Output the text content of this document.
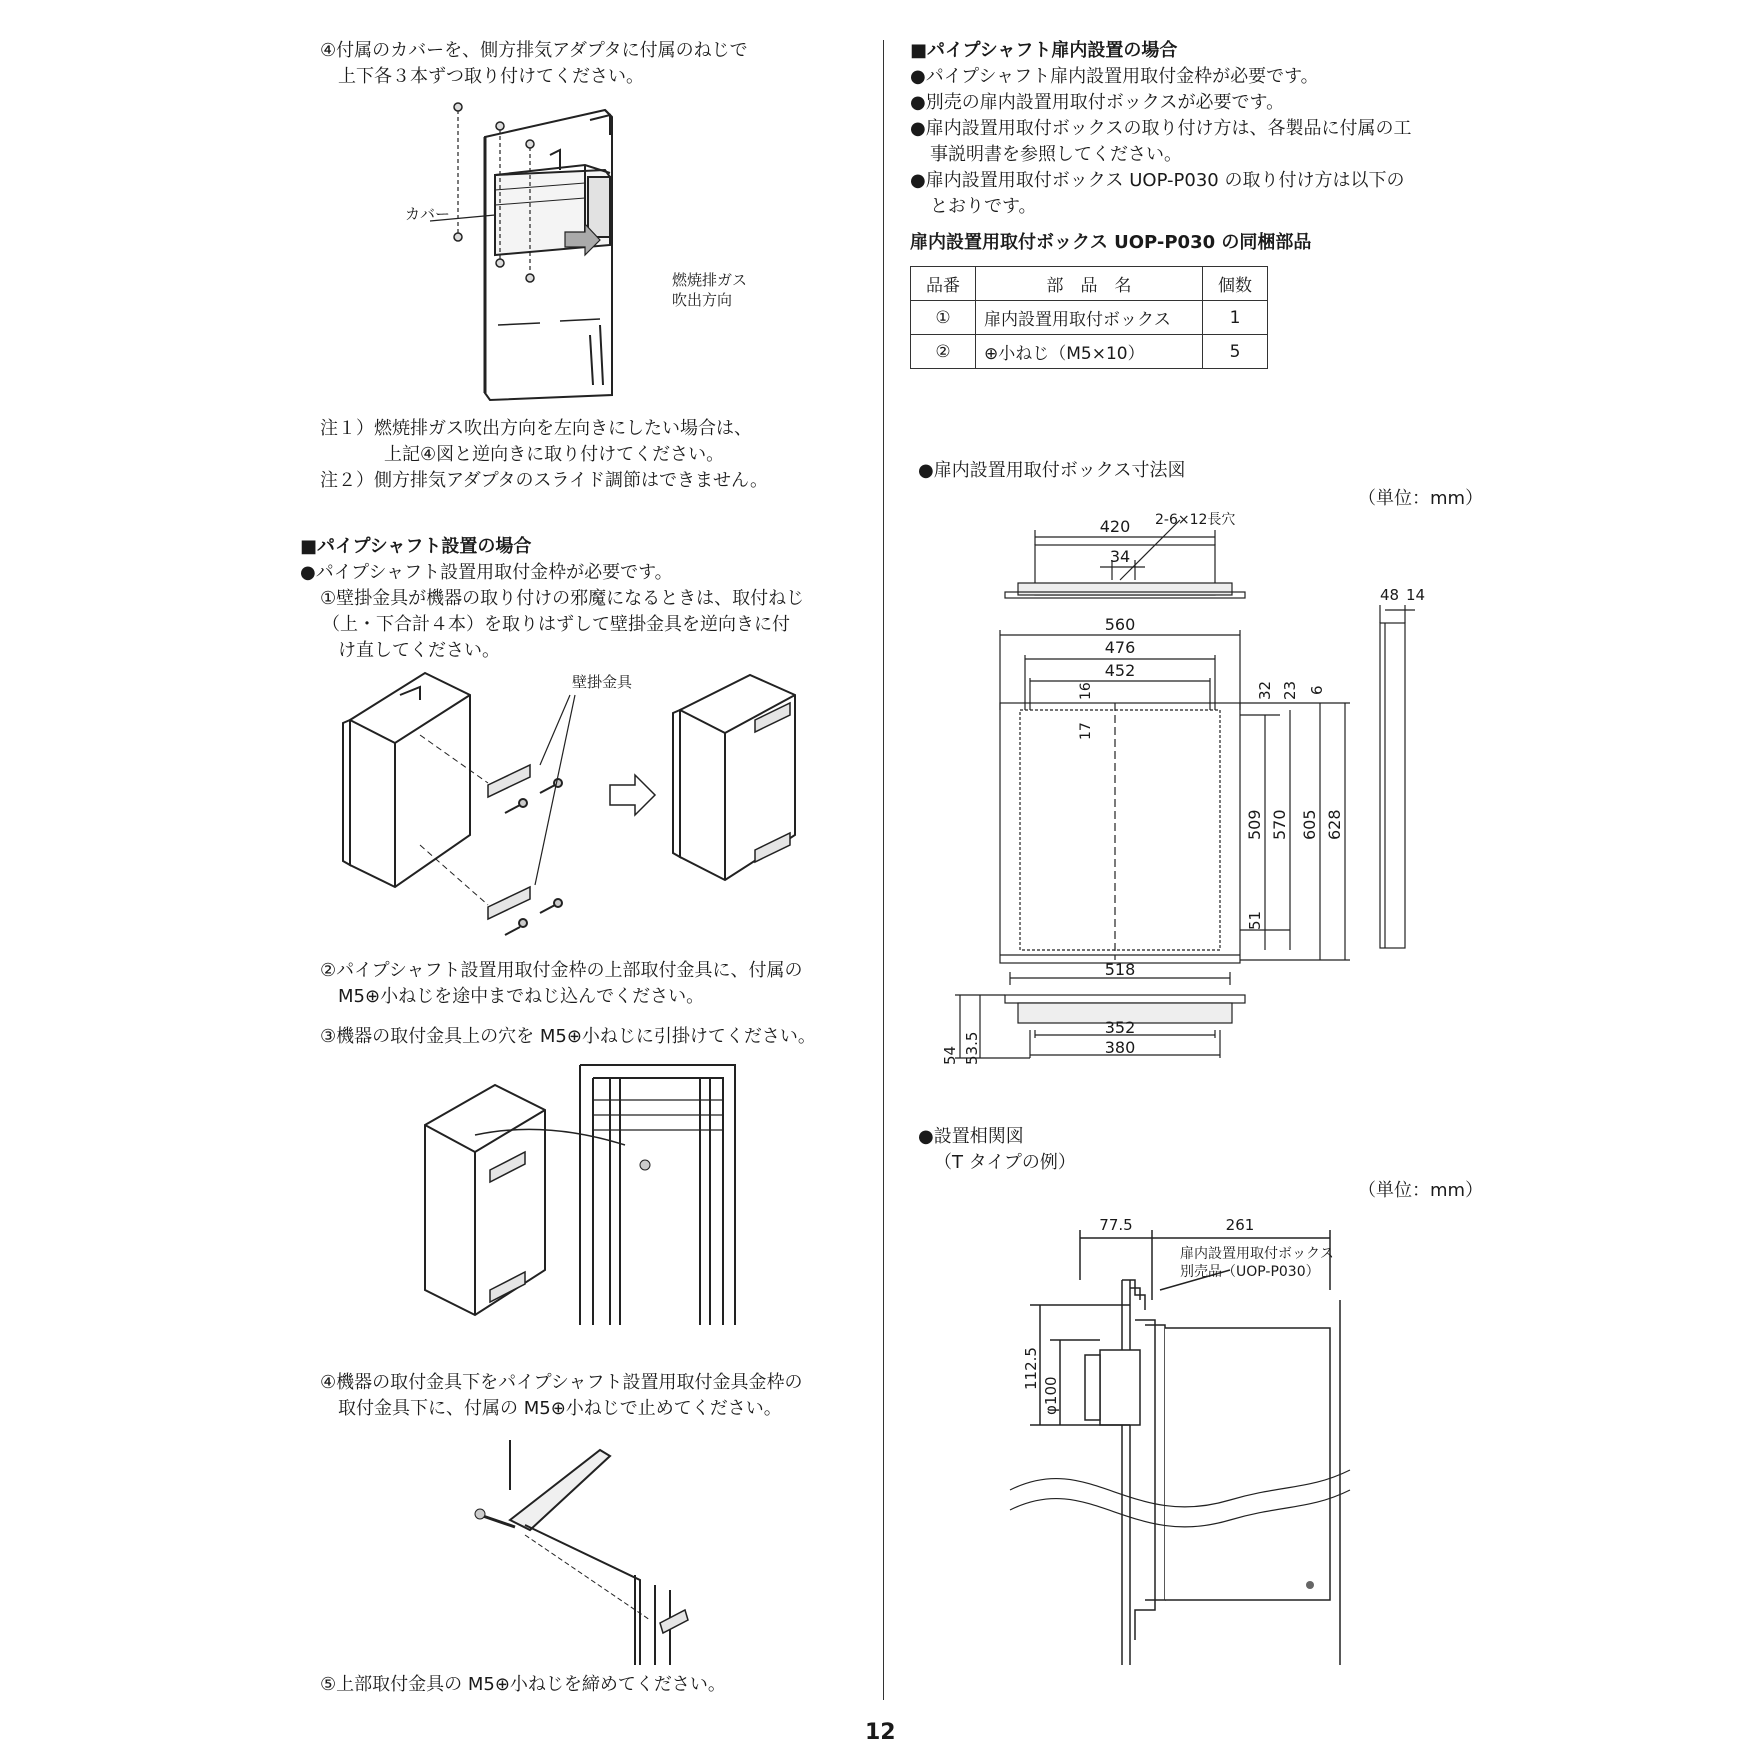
④付属のカバーを、側方排気アダプタに付属のねじで
上下各３本ずつ取り付けてください。
カバー
燃焼排ガス
吹出方向
注１）燃焼排ガス吹出方向を左向きにしたい場合は、
上記④図と逆向きに取り付けてください。
注２）側方排気アダプタのスライド調節はできません。
■パイプシャフト設置の場合
●パイプシャフト設置用取付金枠が必要です。
①壁掛金具が機器の取り付けの邪魔になるときは、取付ねじ
（上・下合計４本）を取りはずして壁掛金具を逆向きに付
け直してください。
壁掛金具
②パイプシャフト設置用取付金枠の上部取付金具に、付属の
M5⊕小ねじを途中までねじ込んでください。
③機器の取付金具上の穴を M5⊕小ねじに引掛けてください。
④機器の取付金具下をパイプシャフト設置用取付金具金枠の
取付金具下に、付属の M5⊕小ねじで止めてください。
⑤上部取付金具の M5⊕小ねじを締めてください。
■パイプシャフト扉内設置の場合
●パイプシャフト扉内設置用取付金枠が必要です。
●別売の扉内設置用取付ボックスが必要です。
●扉内設置用取付ボックスの取り付け方は、各製品に付属の工
事説明書を参照してください。
●扉内設置用取付ボックス UOP-P030 の取り付け方は以下の
とおりです。
扉内設置用取付ボックス UOP-P030 の同梱部品
品番	部　品　名	個数
①	扉内設置用取付ボックス	1
②	⊕小ねじ（M5×10）	5
●扉内設置用取付ボックス寸法図
（単位：mm）
420 2-6×12長穴
34
560
476
452
16
17
32 23 6
48 14
509 570 605 628
51
518
352
380
54 53.5
●設置相関図
（T タイプの例）
（単位：mm）
77.5	261
扉内設置用取付ボックス
別売品（UOP-P030）
112.5
φ100
12
